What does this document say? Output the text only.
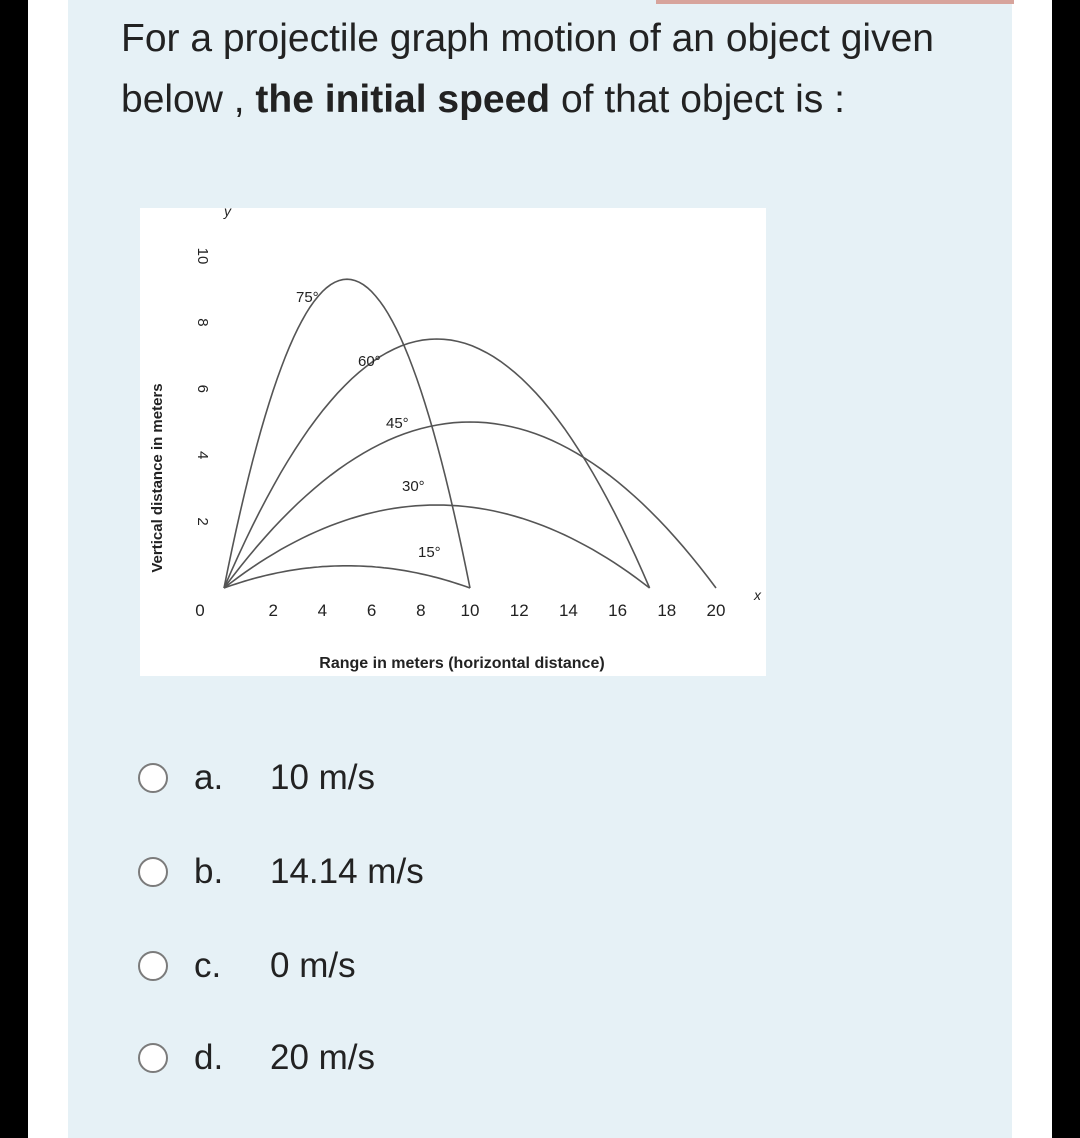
For a projectile graph motion of an object given below , the initial speed of that object is :
Vertical distance in meters
y
x
Range in meters (horizontal distance)
10
8
6
4
2
0	2 4 6 8 10 12 14 16 18 20
75°
60°
45°
30°
15°
a.	10 m/s
b.	14.14 m/s
c.	0 m/s
d.	20 m/s
